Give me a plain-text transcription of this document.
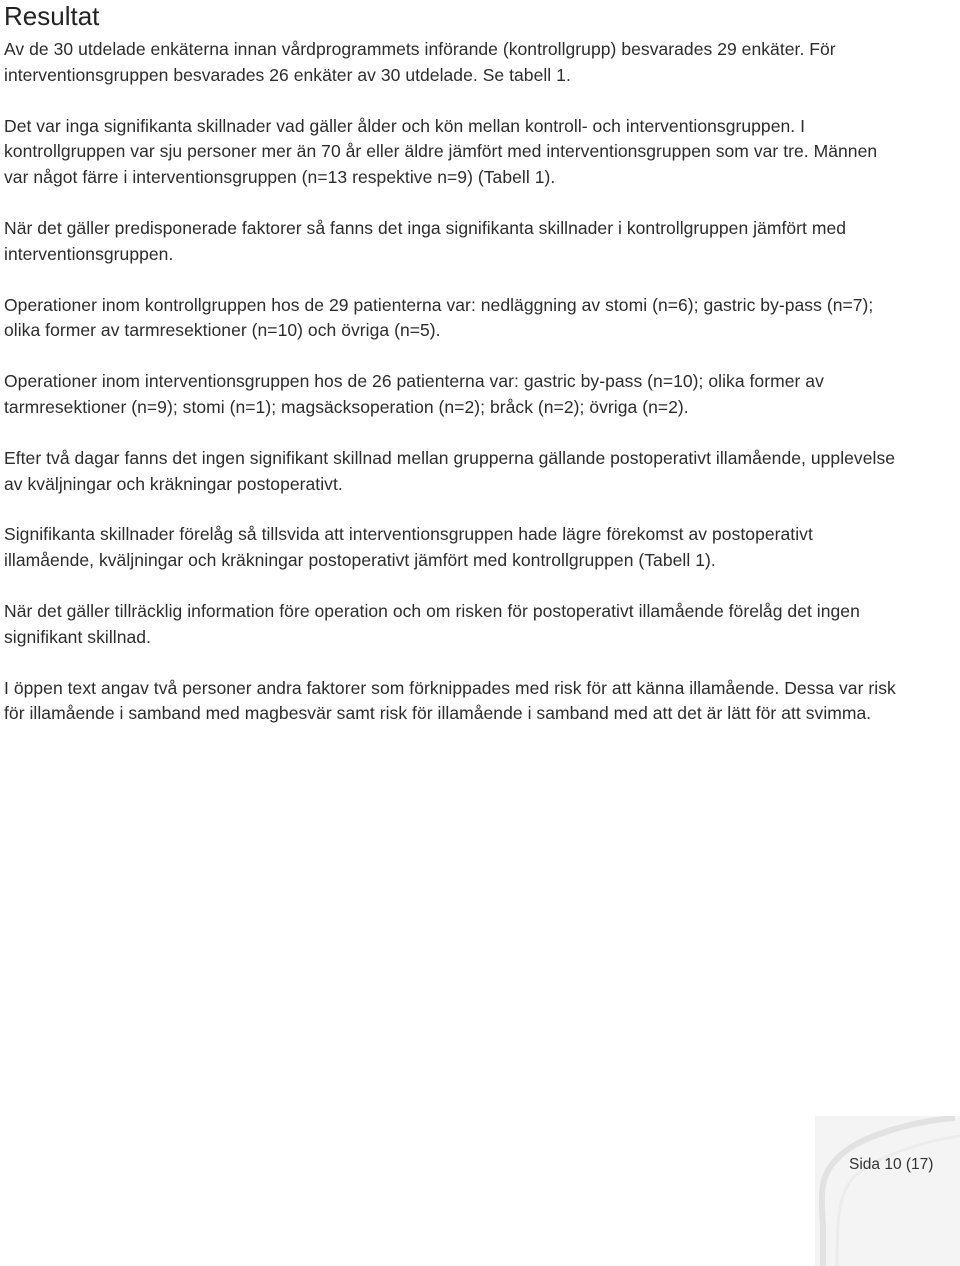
Resultat

Av de 30 utdelade enkäterna innan vårdprogrammets införande (kontrollgrupp) besvarades 29 enkäter. För interventionsgruppen besvarades 26 enkäter av 30 utdelade. Se tabell 1.

Det var inga signifikanta skillnader vad gäller ålder och kön mellan kontroll- och interventionsgruppen. I kontrollgruppen var sju personer mer än 70 år eller äldre jämfört med interventionsgruppen som var tre. Männen var något färre i interventionsgruppen (n=13 respektive n=9) (Tabell 1).

När det gäller predisponerade faktorer så fanns det inga signifikanta skillnader i kontrollgruppen jämfört med interventionsgruppen.

Operationer inom kontrollgruppen hos de 29 patienterna var: nedläggning av stomi (n=6); gastric by-pass (n=7); olika former av tarmresektioner (n=10) och övriga (n=5).

Operationer inom interventionsgruppen hos de 26 patienterna var: gastric by-pass (n=10); olika former av tarmresektioner (n=9); stomi (n=1); magsäcksoperation (n=2); bråck (n=2); övriga (n=2).

Efter två dagar fanns det ingen signifikant skillnad mellan grupperna gällande postoperativt illamående, upplevelse av kväljningar och kräkningar postoperativt.

Signifikanta skillnader förelåg så tillsvida att interventionsgruppen hade lägre förekomst av postoperativt illamående, kväljningar och kräkningar postoperativt jämfört med kontrollgruppen (Tabell 1).

När det gäller tillräcklig information före operation och om risken för postoperativt illamående förelåg det ingen signifikant skillnad.

I öppen text angav två personer andra faktorer som förknippades med risk för att känna illamående. Dessa var risk för illamående i samband med magbesvär samt risk för illamående i samband med att det är lätt för att svimma.

Sida 10 (17)
